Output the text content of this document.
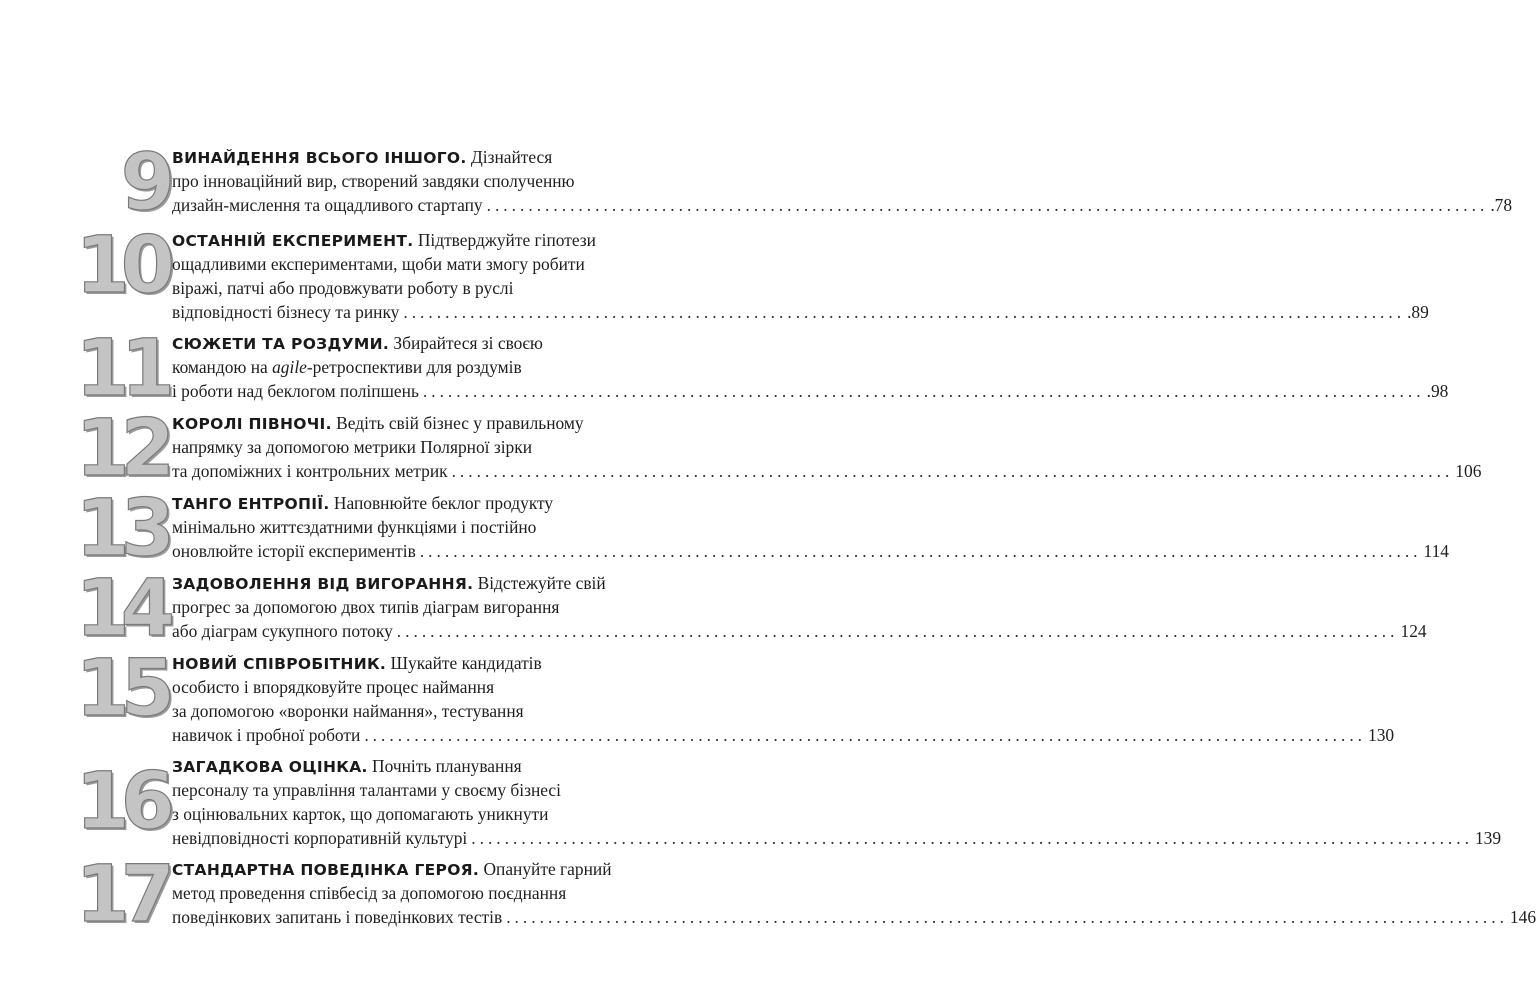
9 ВИНАЙДЕННЯ ВСЬОГО ІНШОГО. Дізнайтеся
про інноваційний вир, створений завдяки сполученню
дизайн-мислення та ощадливого стартапу ........................................................................................................................ .78
10 ОСТАННІЙ ЕКСПЕРИМЕНТ. Підтверджуйте гіпотези
ощадливими експериментами, щоби мати змогу робити
віражі, патчі або продовжувати роботу в руслі
відповідності бізнесу та ринку ........................................................................................................................ .89
11 СЮЖЕТИ ТА РОЗДУМИ. Збирайтеся зі своєю
командою на agile-ретроспективи для роздумів
і роботи над беклогом поліпшень ........................................................................................................................ .98
12 КОРОЛІ ПІВНОЧІ. Ведіть свій бізнес у правильному
напрямку за допомогою метрики Полярної зірки
та допоміжних і контрольних метрик ........................................................................................................................ 106
13 ТАНГО ЕНТРОПІЇ. Наповнюйте беклог продукту
мінімально життєздатними функціями і постійно
оновлюйте історії експериментів ........................................................................................................................ 114
14 ЗАДОВОЛЕННЯ ВІД ВИГОРАННЯ. Відстежуйте свій
прогрес за допомогою двох типів діаграм вигорання
або діаграм сукупного потоку ........................................................................................................................ 124
15 НОВИЙ СПІВРОБІТНИК. Шукайте кандидатів
особисто і впорядковуйте процес наймання
за допомогою «воронки наймання», тестування
навичок і пробної роботи ........................................................................................................................ 130
16 ЗАГАДКОВА ОЦІНКА. Почніть планування
персоналу та управління талантами у своєму бізнесі
з оцінювальних карток, що допомагають уникнути
невідповідності корпоративній культурі ........................................................................................................................ 139
17 СТАНДАРТНА ПОВЕДІНКА ГЕРОЯ. Опануйте гарний
метод проведення співбесід за допомогою поєднання
поведінкових запитань і поведінкових тестів ........................................................................................................................ 146
